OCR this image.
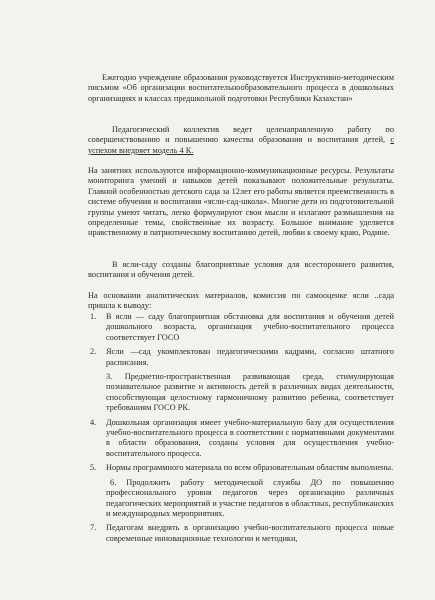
Ежегодно учреждение образования руководствуется Инструктивно-методическим письмом «Об организации воспитательнообразовательного процесса в дошкольных организациях и классах предшкольной подготовки Республики Казахстан»

Педагогический коллектив ведет целенаправленную работу по совершенствованию и повышению качества образования и воспитания детей, с успехом внедряет модель 4 К.

На занятиях используются информационно-коммуникационные ресурсы. Результаты мониторинга умений и навыков детей показывают положительные результаты. Главной особенностью детского сада за 12лет его работы является преемственность в системе обучения и воспитания «ясли-сад-школа». Многие дети из подготовительной группы умеют читать, легко формулируют свои мысли и излагают размышления на определенные темы, свойственные их возрасту. Большое внимание уделяется нравственному и патриотическому воспитанию детей, любви к своему краю, Родине.

В ясли-саду созданы благоприятные условия для всестороннего развития, воспитания и обучения детей.

На основании аналитических материалов, комиссия по самооценке ясли ..сада пришла к выводу:

1. В ясли — саду благоприятная обстановка для воспитания и обучения детей дошкольного возраста, организация учебно-воспитательного процесса соответствует ГОСО
2. Ясли —сад укомплектован педагогическими кадрами, согласно штатного расписания.
3. Предметно-пространственная развивающая среда, стимулирующая познавательное развитие и активность детей в различных видах деятельности, способствующая целостному гармоничному развитию ребенка, соответствует требованиям ГОСО РК.
4. Дошкольная организация имеет учебно-материальную базу для осуществления учебно-воспитательного процесса в соответствии с нормативными документами в области образования, созданы условия для осуществления учебно-воспитательного процесса.
5. Нормы программного материала по всем образовательным областям выполнены.
6. Продолжить работу методической службы ДО по повышению профессионального уровня педагогов через организацию различных педагогических мероприятий и участие педагогов в областных, республиканских и международных мероприятиях.
7. Педагогам внедрять в организацию учебно-воспитательного процесса новые современные инновационные технологии и методики,
